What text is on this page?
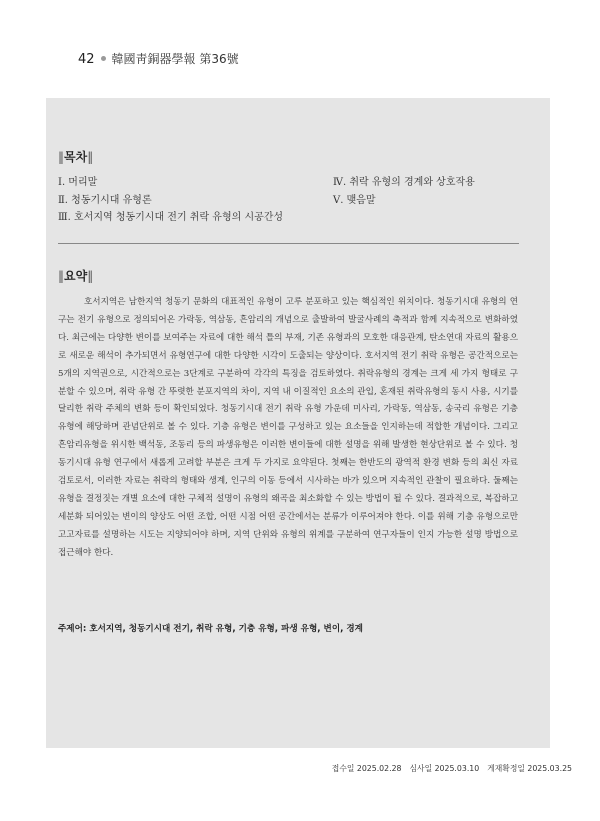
42 韓國靑銅器學報 第36號
‖목차‖
Ⅰ. 머리말
Ⅱ. 청동기시대 유형론
Ⅲ. 호서지역 청동기시대 전기 취락 유형의 시공간성
Ⅳ. 취락 유형의 경계와 상호작용
Ⅴ. 맺음말
‖요약‖

호서지역은 남한지역 청동기 문화의 대표적인 유형이 고루 분포하고 있는 핵심적인 위치이다. 청동기시대 유형의 연구는 전기 유형으로 정의되어온 가락동, 역삼동, 흔암리의 개념으로 출발하여 발굴사례의 축적과 함께 지속적으로 변화하였다. 최근에는 다양한 변이를 보여주는 자료에 대한 해석 틀의 부재, 기존 유형과의 모호한 대응관계, 탄소연대 자료의 활용으로 새로운 해석이 추가되면서 유형연구에 대한 다양한 시각이 도출되는 양상이다. 호서지역 전기 취락 유형은 공간적으로는 5개의 지역권으로, 시간적으로는 3단계로 구분하여 각각의 특징을 검토하였다. 취락유형의 경계는 크게 세 가지 형태로 구분할 수 있으며, 취락 유형 간 뚜렷한 분포지역의 차이, 지역 내 이질적인 요소의 관입, 혼재된 취락유형의 동시 사용, 시기를 달리한 취락 주체의 변화 등이 확인되었다. 청동기시대 전기 취락 유형 가운데 미사리, 가락동, 역삼동, 송국리 유형은 기층 유형에 해당하며 관념단위로 볼 수 있다. 기층 유형은 변이를 구성하고 있는 요소들을 인지하는데 적합한 개념이다. 그리고 흔암리유형을 위시한 백석동, 조동리 등의 파생유형은 이러한 변이들에 대한 설명을 위해 발생한 현상단위로 볼 수 있다. 청동기시대 유형 연구에서 새롭게 고려할 부분은 크게 두 가지로 요약된다. 첫째는 한반도의 광역적 환경 변화 등의 최신 자료 검토로서, 이러한 자료는 취락의 형태와 생계, 인구의 이동 등에서 시사하는 바가 있으며 지속적인 관찰이 필요하다. 둘째는 유형을 결정짓는 개별 요소에 대한 구체적 설명이 유형의 왜곡을 최소화할 수 있는 방법이 될 수 있다. 결과적으로, 복잡하고 세분화 되어있는 변이의 양상도 어떤 조합, 어떤 시점 어떤 공간에서는 분류가 이루어져야 한다. 이를 위해 기층 유형으로만 고고자료를 설명하는 시도는 지양되어야 하며, 지역 단위와 유형의 위계를 구분하여 연구자들이 인지 가능한 설명 방법으로 접근해야 한다.

주제어: 호서지역, 청동기시대 전기, 취락 유형, 기층 유형, 파생 유형, 변이, 경계
접수일 2025.02.28 심사일 2025.03.10 게재확정일 2025.03.25
